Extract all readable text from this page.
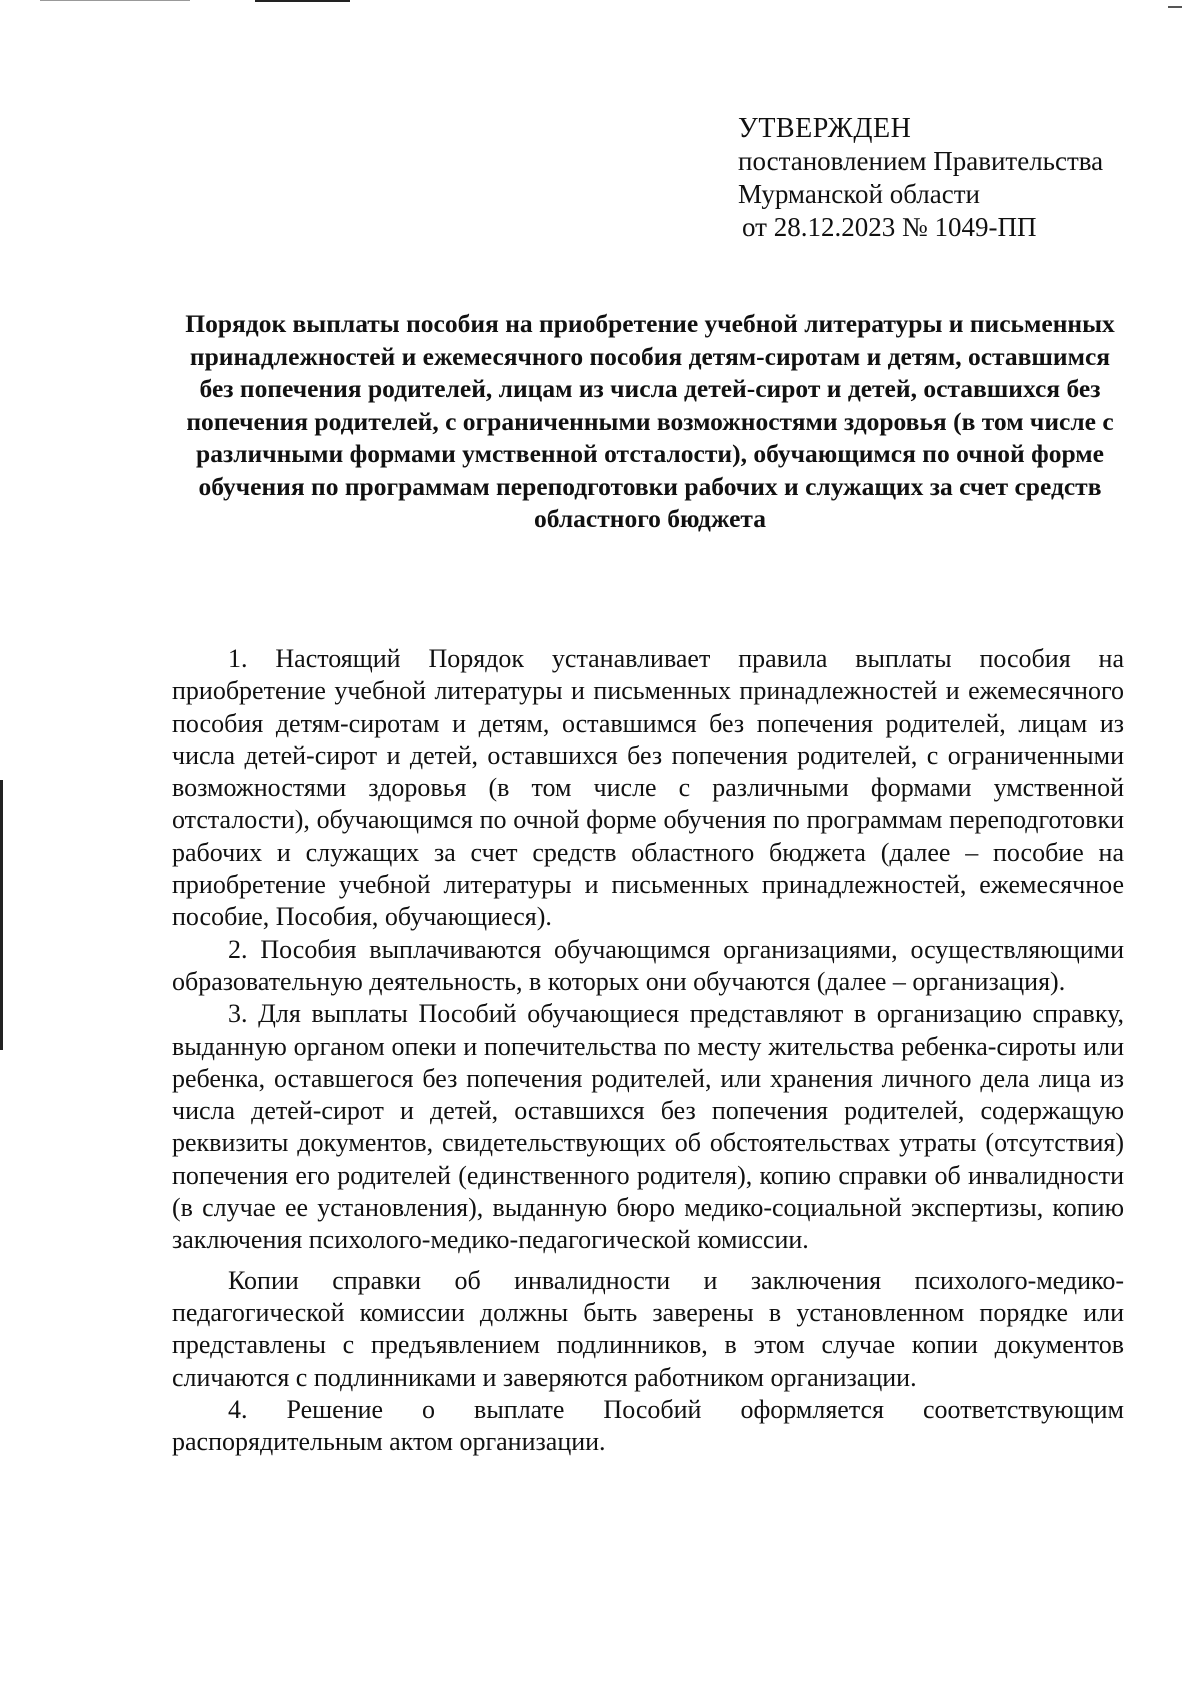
УТВЕРЖДЕН
постановлением Правительства
Мурманской области
от 28.12.2023 № 1049-ПП
Порядок выплаты пособия на приобретение учебной литературы и письменных принадлежностей и ежемесячного пособия детям-сиротам и детям, оставшимся без попечения родителей, лицам из числа детей-сирот и детей, оставшихся без попечения родителей, с ограниченными возможностями здоровья (в том числе с различными формами умственной отсталости), обучающимся по очной форме обучения по программам переподготовки рабочих и служащих за счет средств областного бюджета

1. Настоящий Порядок устанавливает правила выплаты пособия на приобретение учебной литературы и письменных принадлежностей и ежемесячного пособия детям-сиротам и детям, оставшимся без попечения родителей, лицам из числа детей-сирот и детей, оставшихся без попечения родителей, с ограниченными возможностями здоровья (в том числе с различными формами умственной отсталости), обучающимся по очной форме обучения по программам переподготовки рабочих и служащих за счет средств областного бюджета (далее – пособие на приобретение учебной литературы и письменных принадлежностей, ежемесячное пособие, Пособия, обучающиеся).

2. Пособия выплачиваются обучающимся организациями, осуществляющими образовательную деятельность, в которых они обучаются (далее – организация).

3. Для выплаты Пособий обучающиеся представляют в организацию справку, выданную органом опеки и попечительства по месту жительства ребенка-сироты или ребенка, оставшегося без попечения родителей, или хранения личного дела лица из числа детей-сирот и детей, оставшихся без попечения родителей, содержащую реквизиты документов, свидетельствующих об обстоятельствах утраты (отсутствия) попечения его родителей (единственного родителя), копию справки об инвалидности (в случае ее установления), выданную бюро медико-социальной экспертизы, копию заключения психолого-медико-педагогической комиссии.

Копии справки об инвалидности и заключения психолого-медико-педагогической комиссии должны быть заверены в установленном порядке или представлены с предъявлением подлинников, в этом случае копии документов сличаются с подлинниками и заверяются работником организации.

4. Решение о выплате Пособий оформляется соответствующим распорядительным актом организации.
